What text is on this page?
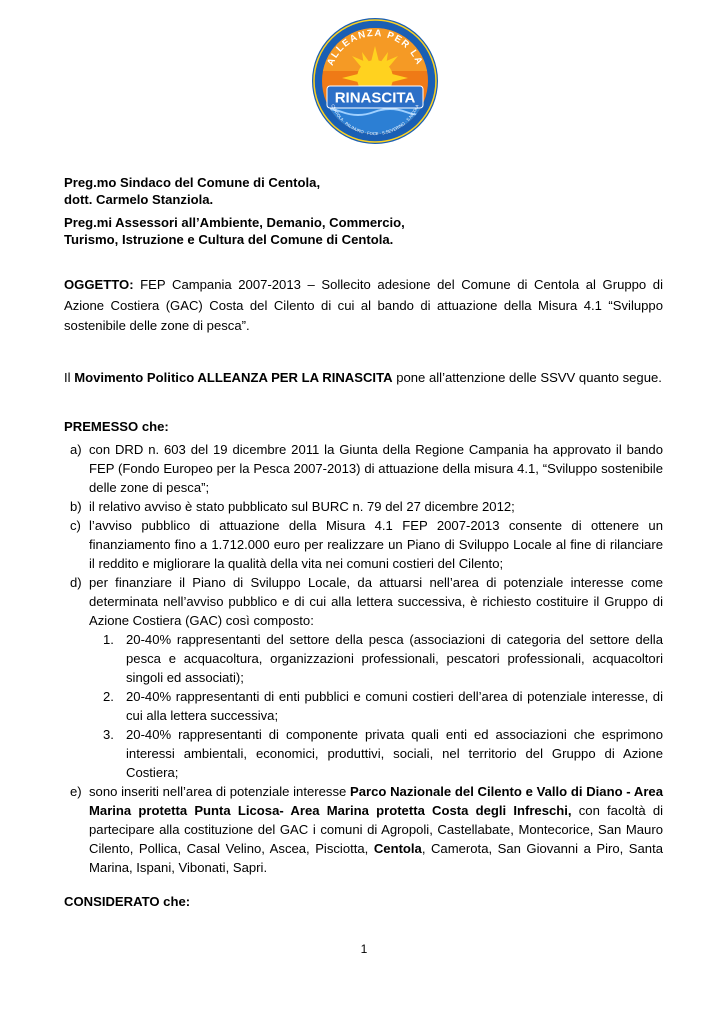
RINASCITA
ALLEANZA PER LA
CENTOLA · PALINURO · FOCE · S.SEVERINO · S.NICOLA

Preg.mo Sindaco del Comune di Centola,
dott. Carmelo Stanziola.

Preg.mi Assessori all’Ambiente, Demanio, Commercio,
Turismo, Istruzione e Cultura del Comune di Centola.

OGGETTO: FEP Campania 2007-2013 – Sollecito adesione del Comune di Centola al Gruppo di Azione Costiera (GAC) Costa del Cilento di cui al bando di attuazione della Misura 4.1 “Sviluppo sostenibile delle zone di pesca”.

Il Movimento Politico ALLEANZA PER LA RINASCITA pone all’attenzione delle SSVV quanto segue.

PREMESSO che:

a) con DRD n. 603 del 19 dicembre 2011 la Giunta della Regione Campania ha approvato il bando FEP (Fondo Europeo per la Pesca 2007-2013) di attuazione della misura 4.1, “Sviluppo sostenibile delle zone di pesca”;
b) il relativo avviso è stato pubblicato sul BURC n. 79 del 27 dicembre 2012;
c) l’avviso pubblico di attuazione della Misura 4.1 FEP 2007-2013 consente di ottenere un finanziamento fino a 1.712.000 euro per realizzare un Piano di Sviluppo Locale al fine di rilanciare il reddito e migliorare la qualità della vita nei comuni costieri del Cilento;
d) per finanziare il Piano di Sviluppo Locale, da attuarsi nell’area di potenziale interesse come determinata nell’avviso pubblico e di cui alla lettera successiva, è richiesto costituire il Gruppo di Azione Costiera (GAC) così composto:
1. 20-40% rappresentanti del settore della pesca (associazioni di categoria del settore della pesca e acquacoltura, organizzazioni professionali, pescatori professionali, acquacoltori singoli ed associati);
2. 20-40% rappresentanti di enti pubblici e comuni costieri dell’area di potenziale interesse, di cui alla lettera successiva;
3. 20-40% rappresentanti di componente privata quali enti ed associazioni che esprimono interessi ambientali, economici, produttivi, sociali, nel territorio del Gruppo di Azione Costiera;
e) sono inseriti nell’area di potenziale interesse Parco Nazionale del Cilento e Vallo di Diano - Area Marina protetta Punta Licosa- Area Marina protetta Costa degli Infreschi, con facoltà di partecipare alla costituzione del GAC i comuni di Agropoli, Castellabate, Montecorice, San Mauro Cilento, Pollica, Casal Velino, Ascea, Pisciotta, Centola, Camerota, San Giovanni a Piro, Santa Marina, Ispani, Vibonati, Sapri.

CONSIDERATO che:

1
